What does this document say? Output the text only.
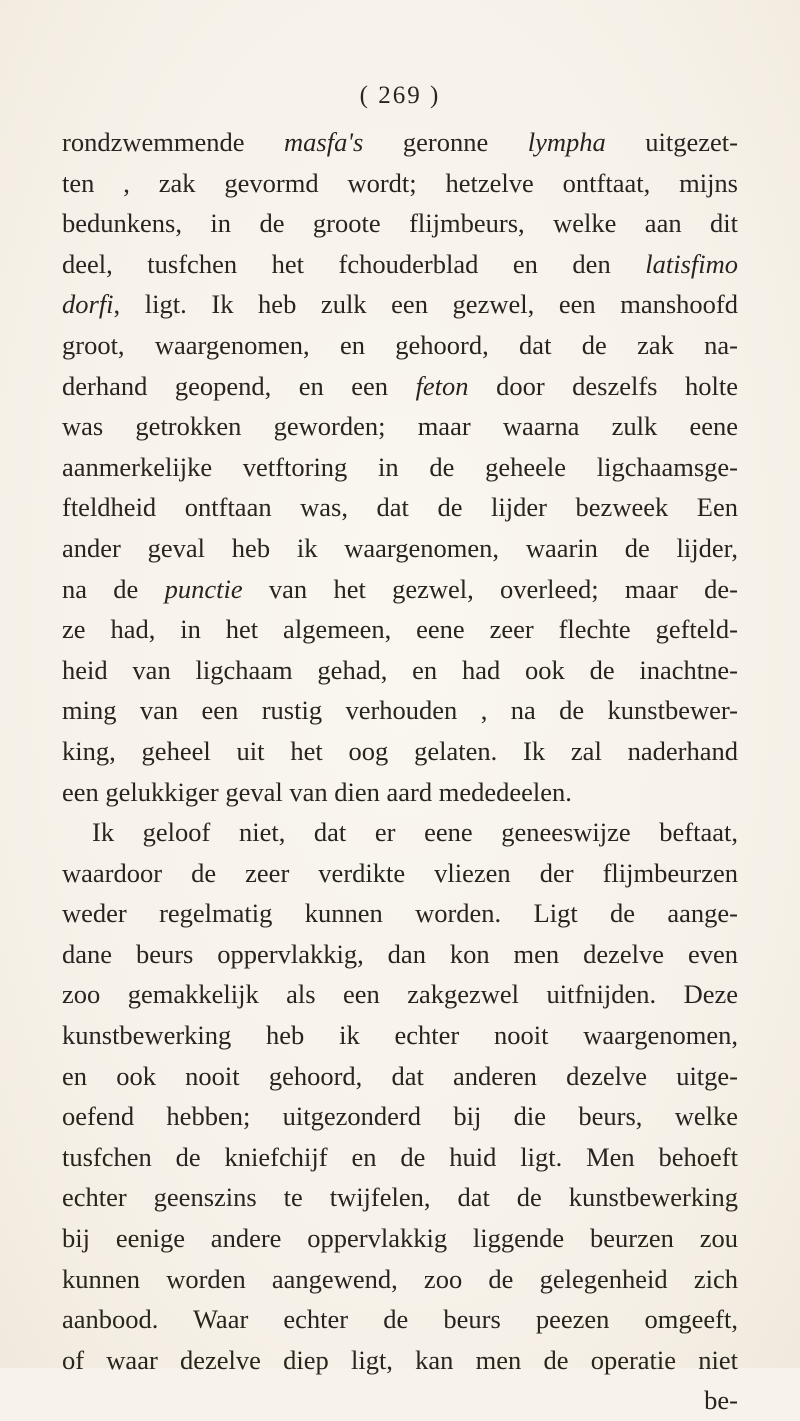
( 269 )
rondzwemmende masfa's geronne lympha uitgezet-
ten , zak gevormd wordt; hetzelve ontftaat, mijns
bedunkens, in de groote flijmbeurs, welke aan dit
deel, tusfchen het fchouderblad en den latisfimo
dorfi, ligt. Ik heb zulk een gezwel, een manshoofd
groot, waargenomen, en gehoord, dat de zak na-
derhand geopend, en een feton door deszelfs holte
was getrokken geworden; maar waarna zulk eene
aanmerkelijke vetftoring in de geheele ligchaamsge-
fteldheid ontftaan was, dat de lijder bezweek Een
ander geval heb ik waargenomen, waarin de lijder,
na de punctie van het gezwel, overleed; maar de-
ze had, in het algemeen, eene zeer flechte gefteld-
heid van ligchaam gehad, en had ook de inachtne-
ming van een rustig verhouden , na de kunstbewer-
king, geheel uit het oog gelaten. Ik zal naderhand
een gelukkiger geval van dien aard mededeelen.
Ik geloof niet, dat er eene geneeswijze beftaat,
waardoor de zeer verdikte vliezen der flijmbeurzen
weder regelmatig kunnen worden. Ligt de aange-
dane beurs oppervlakkig, dan kon men dezelve even
zoo gemakkelijk als een zakgezwel uitfnijden. Deze
kunstbewerking heb ik echter nooit waargenomen,
en ook nooit gehoord, dat anderen dezelve uitge-
oefend hebben; uitgezonderd bij die beurs, welke
tusfchen de kniefchijf en de huid ligt. Men behoeft
echter geenszins te twijfelen, dat de kunstbewerking
bij eenige andere oppervlakkig liggende beurzen zou
kunnen worden aangewend, zoo de gelegenheid zich
aanbood. Waar echter de beurs peezen omgeeft,
of waar dezelve diep ligt, kan men de operatie niet
be-
